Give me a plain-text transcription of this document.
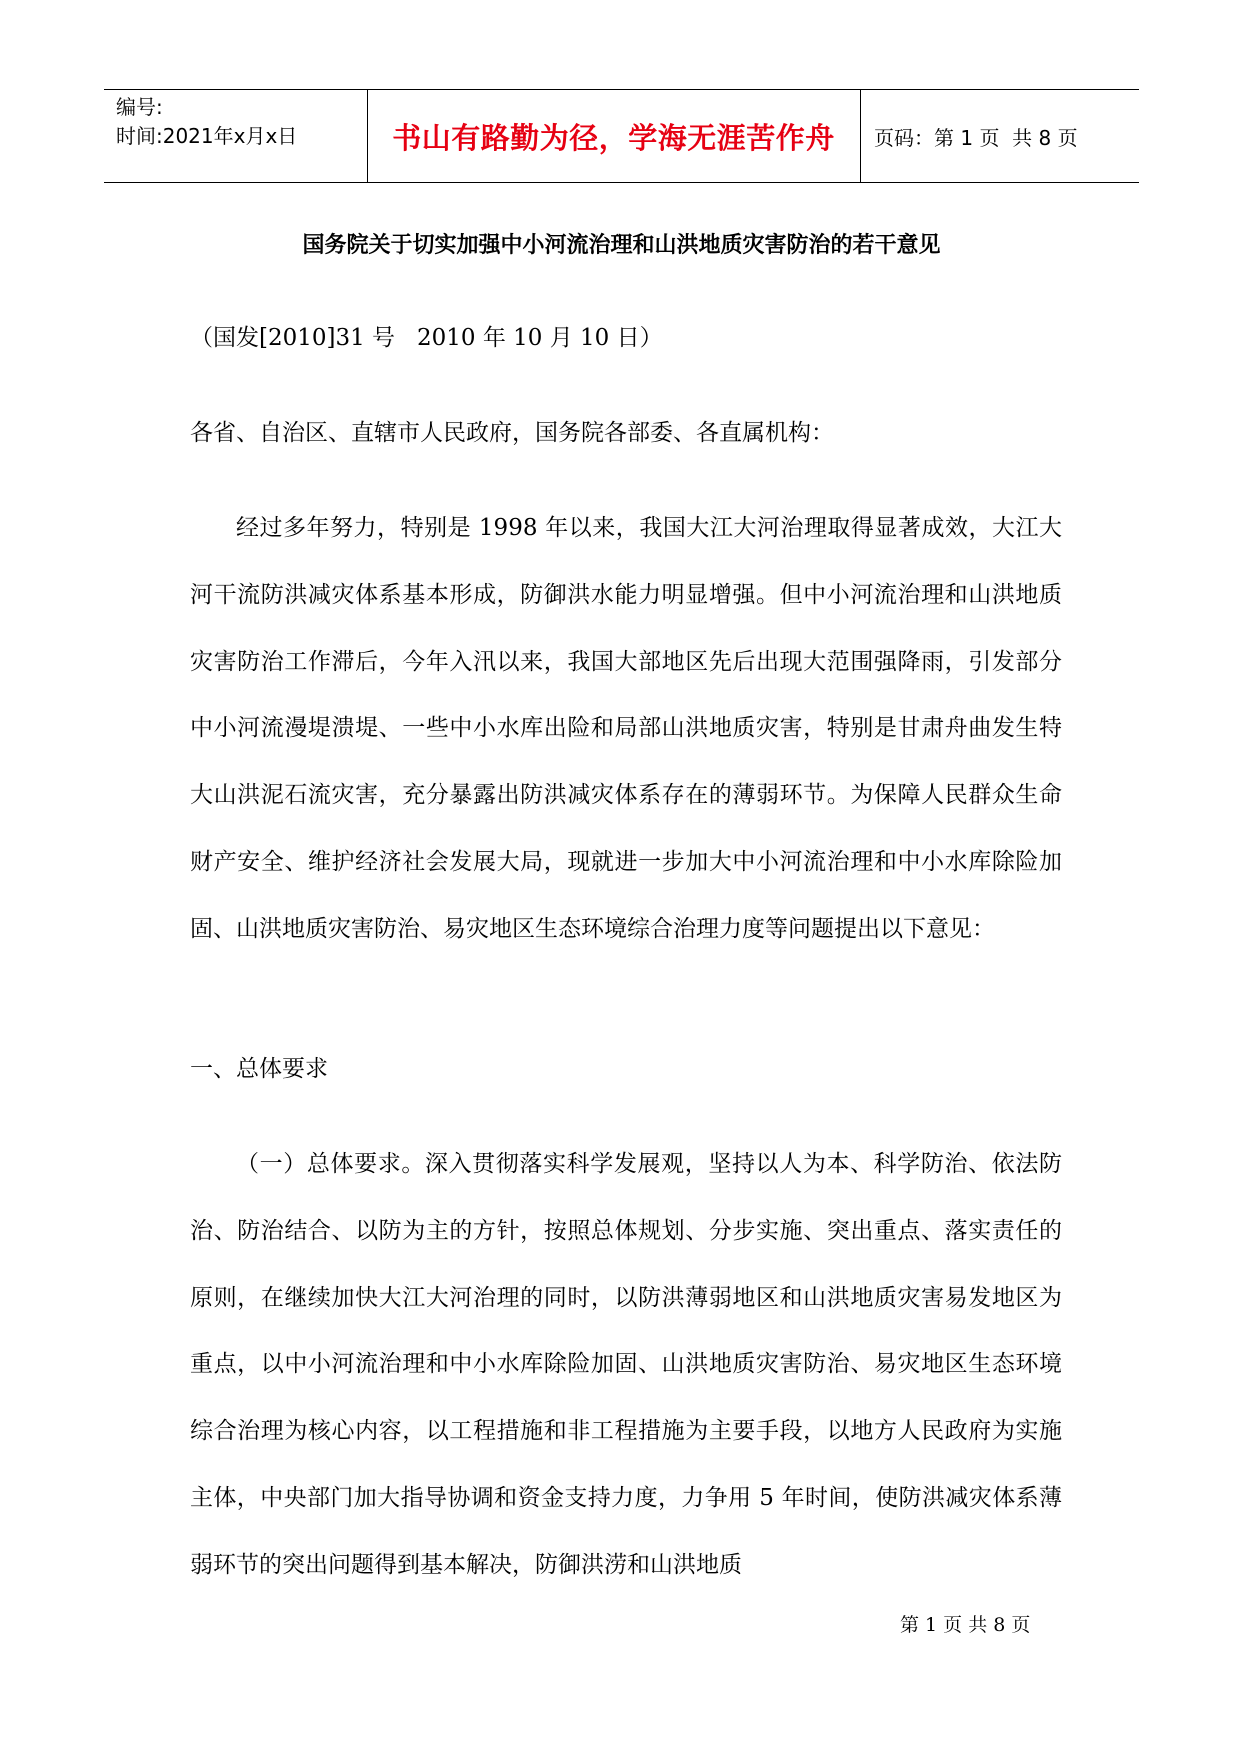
编号:
时间:2021年x月x日	书山有路勤为径，学海无涯苦作舟	页码：第 1 页  共 8 页
国务院关于切实加强中小河流治理和山洪地质灾害防治的若干意见
（国发[2010]31 号   2010 年 10 月 10 日）
各省、自治区、直辖市人民政府，国务院各部委、各直属机构：
经过多年努力，特别是 1998 年以来，我国大江大河治理取得显著成效，大江大河干流防洪减灾体系基本形成，防御洪水能力明显增强。但中小河流治理和山洪地质灾害防治工作滞后，今年入汛以来，我国大部地区先后出现大范围强降雨，引发部分中小河流漫堤溃堤、一些中小水库出险和局部山洪地质灾害，特别是甘肃舟曲发生特大山洪泥石流灾害，充分暴露出防洪减灾体系存在的薄弱环节。为保障人民群众生命财产安全、维护经济社会发展大局，现就进一步加大中小河流治理和中小水库除险加固、山洪地质灾害防治、易灾地区生态环境综合治理力度等问题提出以下意见：
一、总体要求
（一）总体要求。深入贯彻落实科学发展观，坚持以人为本、科学防治、依法防治、防治结合、以防为主的方针，按照总体规划、分步实施、突出重点、落实责任的原则，在继续加快大江大河治理的同时，以防洪薄弱地区和山洪地质灾害易发地区为重点，以中小河流治理和中小水库除险加固、山洪地质灾害防治、易灾地区生态环境综合治理为核心内容，以工程措施和非工程措施为主要手段，以地方人民政府为实施主体，中央部门加大指导协调和资金支持力度，力争用 5 年时间，使防洪减灾体系薄弱环节的突出问题得到基本解决，防御洪涝和山洪地质
第 1 页 共 8 页
